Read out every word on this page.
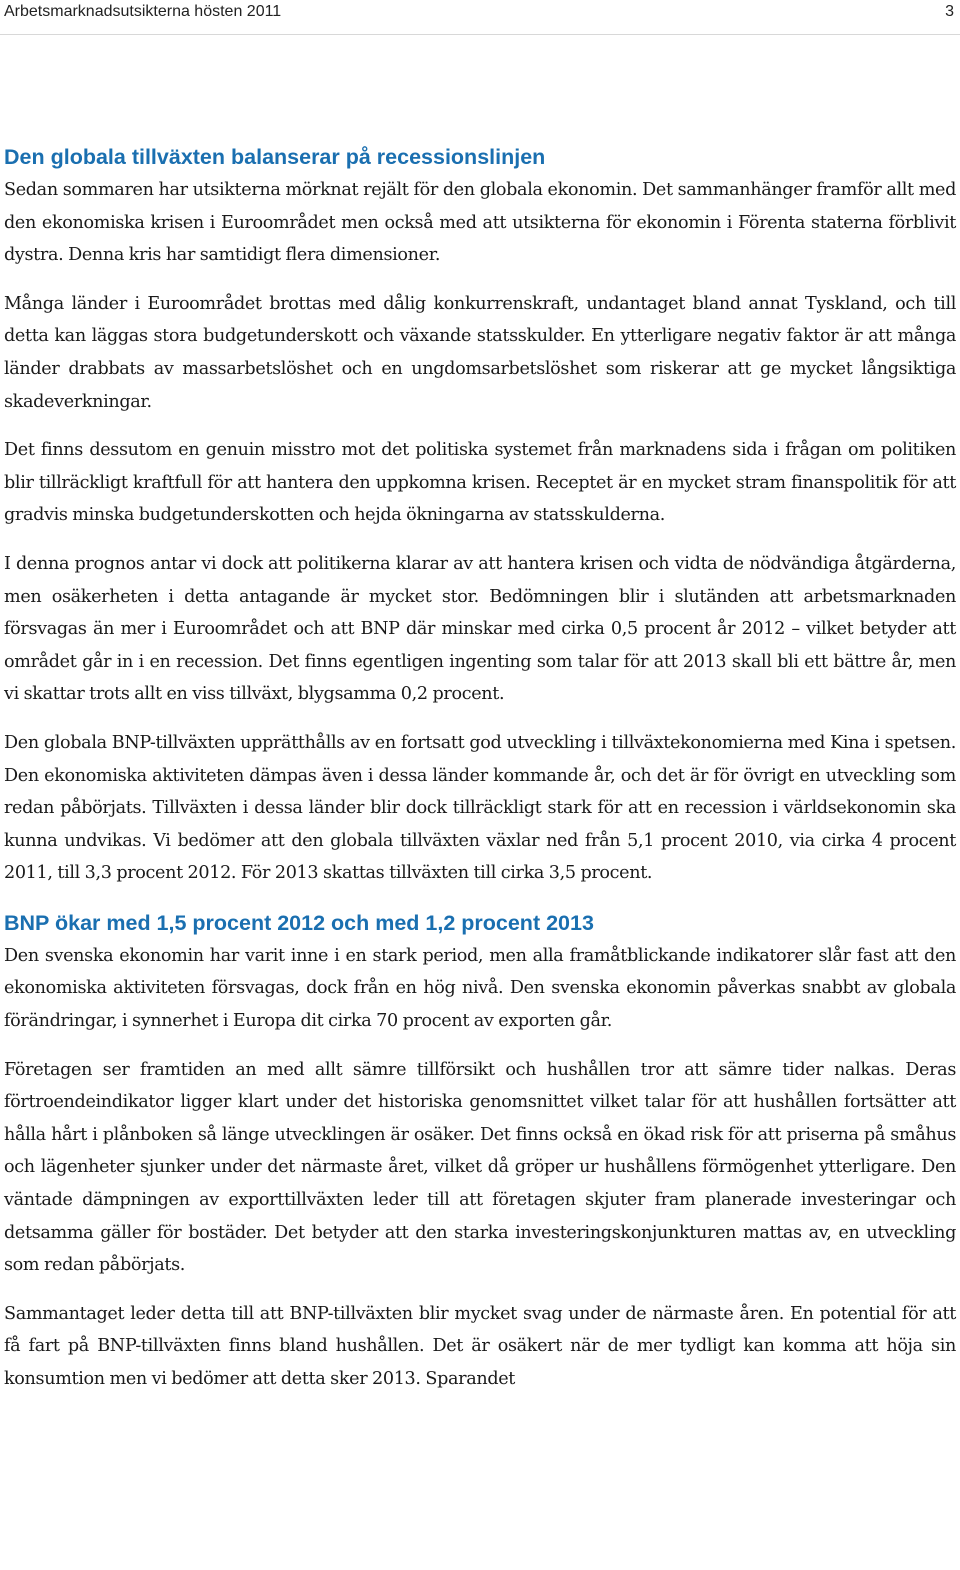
Arbetsmarknadsutsikterna hösten 2011	3
Den globala tillväxten balanserar på recessionslinjen

Sedan sommaren har utsikterna mörknat rejält för den globala ekonomin. Det sammanhänger framför allt med den ekonomiska krisen i Euroområdet men också med att utsikterna för ekonomin i Förenta staterna förblivit dystra. Denna kris har samtidigt flera dimensioner.

Många länder i Euroområdet brottas med dålig konkurrenskraft, undantaget bland annat Tyskland, och till detta kan läggas stora budgetunderskott och växande statsskulder. En ytterligare negativ faktor är att många länder drabbats av massarbetslöshet och en ungdomsarbetslöshet som riskerar att ge mycket långsiktiga skadeverkningar.

Det finns dessutom en genuin misstro mot det politiska systemet från marknadens sida i frågan om politiken blir tillräckligt kraftfull för att hantera den uppkomna krisen. Receptet är en mycket stram finanspolitik för att gradvis minska budgetunderskotten och hejda ökningarna av statsskulderna.

I denna prognos antar vi dock att politikerna klarar av att hantera krisen och vidta de nödvändiga åtgärderna, men osäkerheten i detta antagande är mycket stor. Bedömningen blir i slutänden att arbetsmarknaden försvagas än mer i Euroområdet och att BNP där minskar med cirka 0,5 procent år 2012 – vilket betyder att området går in i en recession. Det finns egentligen ingenting som talar för att 2013 skall bli ett bättre år, men vi skattar trots allt en viss tillväxt, blygsamma 0,2 procent.

Den globala BNP-tillväxten upprätthålls av en fortsatt god utveckling i tillväxtekonomierna med Kina i spetsen. Den ekonomiska aktiviteten dämpas även i dessa länder kommande år, och det är för övrigt en utveckling som redan påbörjats. Tillväxten i dessa länder blir dock tillräckligt stark för att en recession i världsekonomin ska kunna undvikas. Vi bedömer att den globala tillväxten växlar ned från 5,1 procent 2010, via cirka 4 procent 2011, till 3,3 procent 2012. För 2013 skattas tillväxten till cirka 3,5 procent.

BNP ökar med 1,5 procent 2012 och med 1,2 procent 2013

Den svenska ekonomin har varit inne i en stark period, men alla framåtblickande indikatorer slår fast att den ekonomiska aktiviteten försvagas, dock från en hög nivå. Den svenska ekonomin påverkas snabbt av globala förändringar, i synnerhet i Europa dit cirka 70 procent av exporten går.

Företagen ser framtiden an med allt sämre tillförsikt och hushållen tror att sämre tider nalkas. Deras förtroendeindikator ligger klart under det historiska genomsnittet vilket talar för att hushållen fortsätter att hålla hårt i plånboken så länge utvecklingen är osäker. Det finns också en ökad risk för att priserna på småhus och lägenheter sjunker under det närmaste året, vilket då gröper ur hushållens förmögenhet ytterligare. Den väntade dämpningen av exporttillväxten leder till att företagen skjuter fram planerade investeringar och detsamma gäller för bostäder. Det betyder att den starka investeringskonjunkturen mattas av, en utveckling som redan påbörjats.

Sammantaget leder detta till att BNP-tillväxten blir mycket svag under de närmaste åren. En potential för att få fart på BNP-tillväxten finns bland hushållen. Det är osäkert när de mer tydligt kan komma att höja sin konsumtion men vi bedömer att detta sker 2013. Sparandet
